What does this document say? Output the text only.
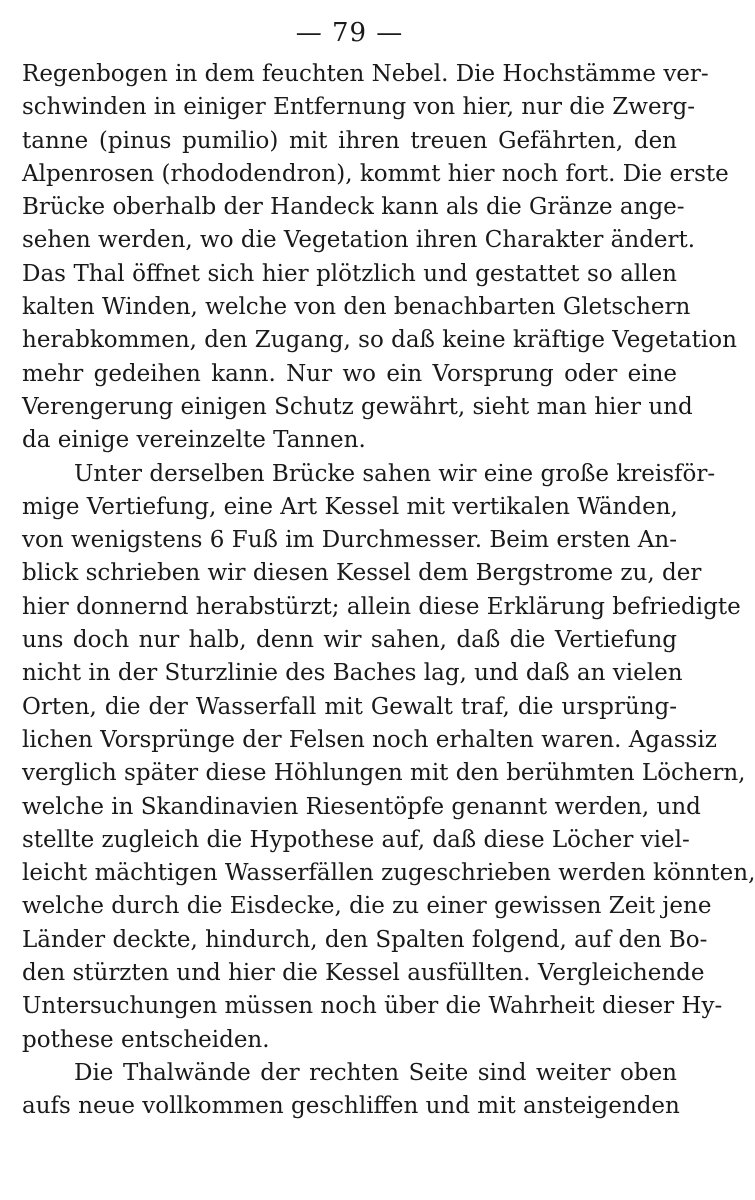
— 79 —
Regenbogen in dem feuchten Nebel. Die Hochstämme ver-
schwinden in einiger Entfernung von hier, nur die Zwerg-
tanne (pinus pumilio) mit ihren treuen Gefährten, den
Alpenrosen (rhododendron), kommt hier noch fort. Die erste
Brücke oberhalb der Handeck kann als die Gränze ange-
sehen werden, wo die Vegetation ihren Charakter ändert.
Das Thal öffnet sich hier plötzlich und gestattet so allen
kalten Winden, welche von den benachbarten Gletschern
herabkommen, den Zugang, so daß keine kräftige Vegetation
mehr gedeihen kann. Nur wo ein Vorsprung oder eine
Verengerung einigen Schutz gewährt, sieht man hier und
da einige vereinzelte Tannen.
Unter derselben Brücke sahen wir eine große kreisför-
mige Vertiefung, eine Art Kessel mit vertikalen Wänden,
von wenigstens 6 Fuß im Durchmesser. Beim ersten An-
blick schrieben wir diesen Kessel dem Bergstrome zu, der
hier donnernd herabstürzt; allein diese Erklärung befriedigte
uns doch nur halb, denn wir sahen, daß die Vertiefung
nicht in der Sturzlinie des Baches lag, und daß an vielen
Orten, die der Wasserfall mit Gewalt traf, die ursprüng-
lichen Vorsprünge der Felsen noch erhalten waren. Agassiz
verglich später diese Höhlungen mit den berühmten Löchern,
welche in Skandinavien Riesentöpfe genannt werden, und
stellte zugleich die Hypothese auf, daß diese Löcher viel-
leicht mächtigen Wasserfällen zugeschrieben werden könnten,
welche durch die Eisdecke, die zu einer gewissen Zeit jene
Länder deckte, hindurch, den Spalten folgend, auf den Bo-
den stürzten und hier die Kessel ausfüllten. Vergleichende
Untersuchungen müssen noch über die Wahrheit dieser Hy-
pothese entscheiden.
Die Thalwände der rechten Seite sind weiter oben
aufs neue vollkommen geschliffen und mit ansteigenden
